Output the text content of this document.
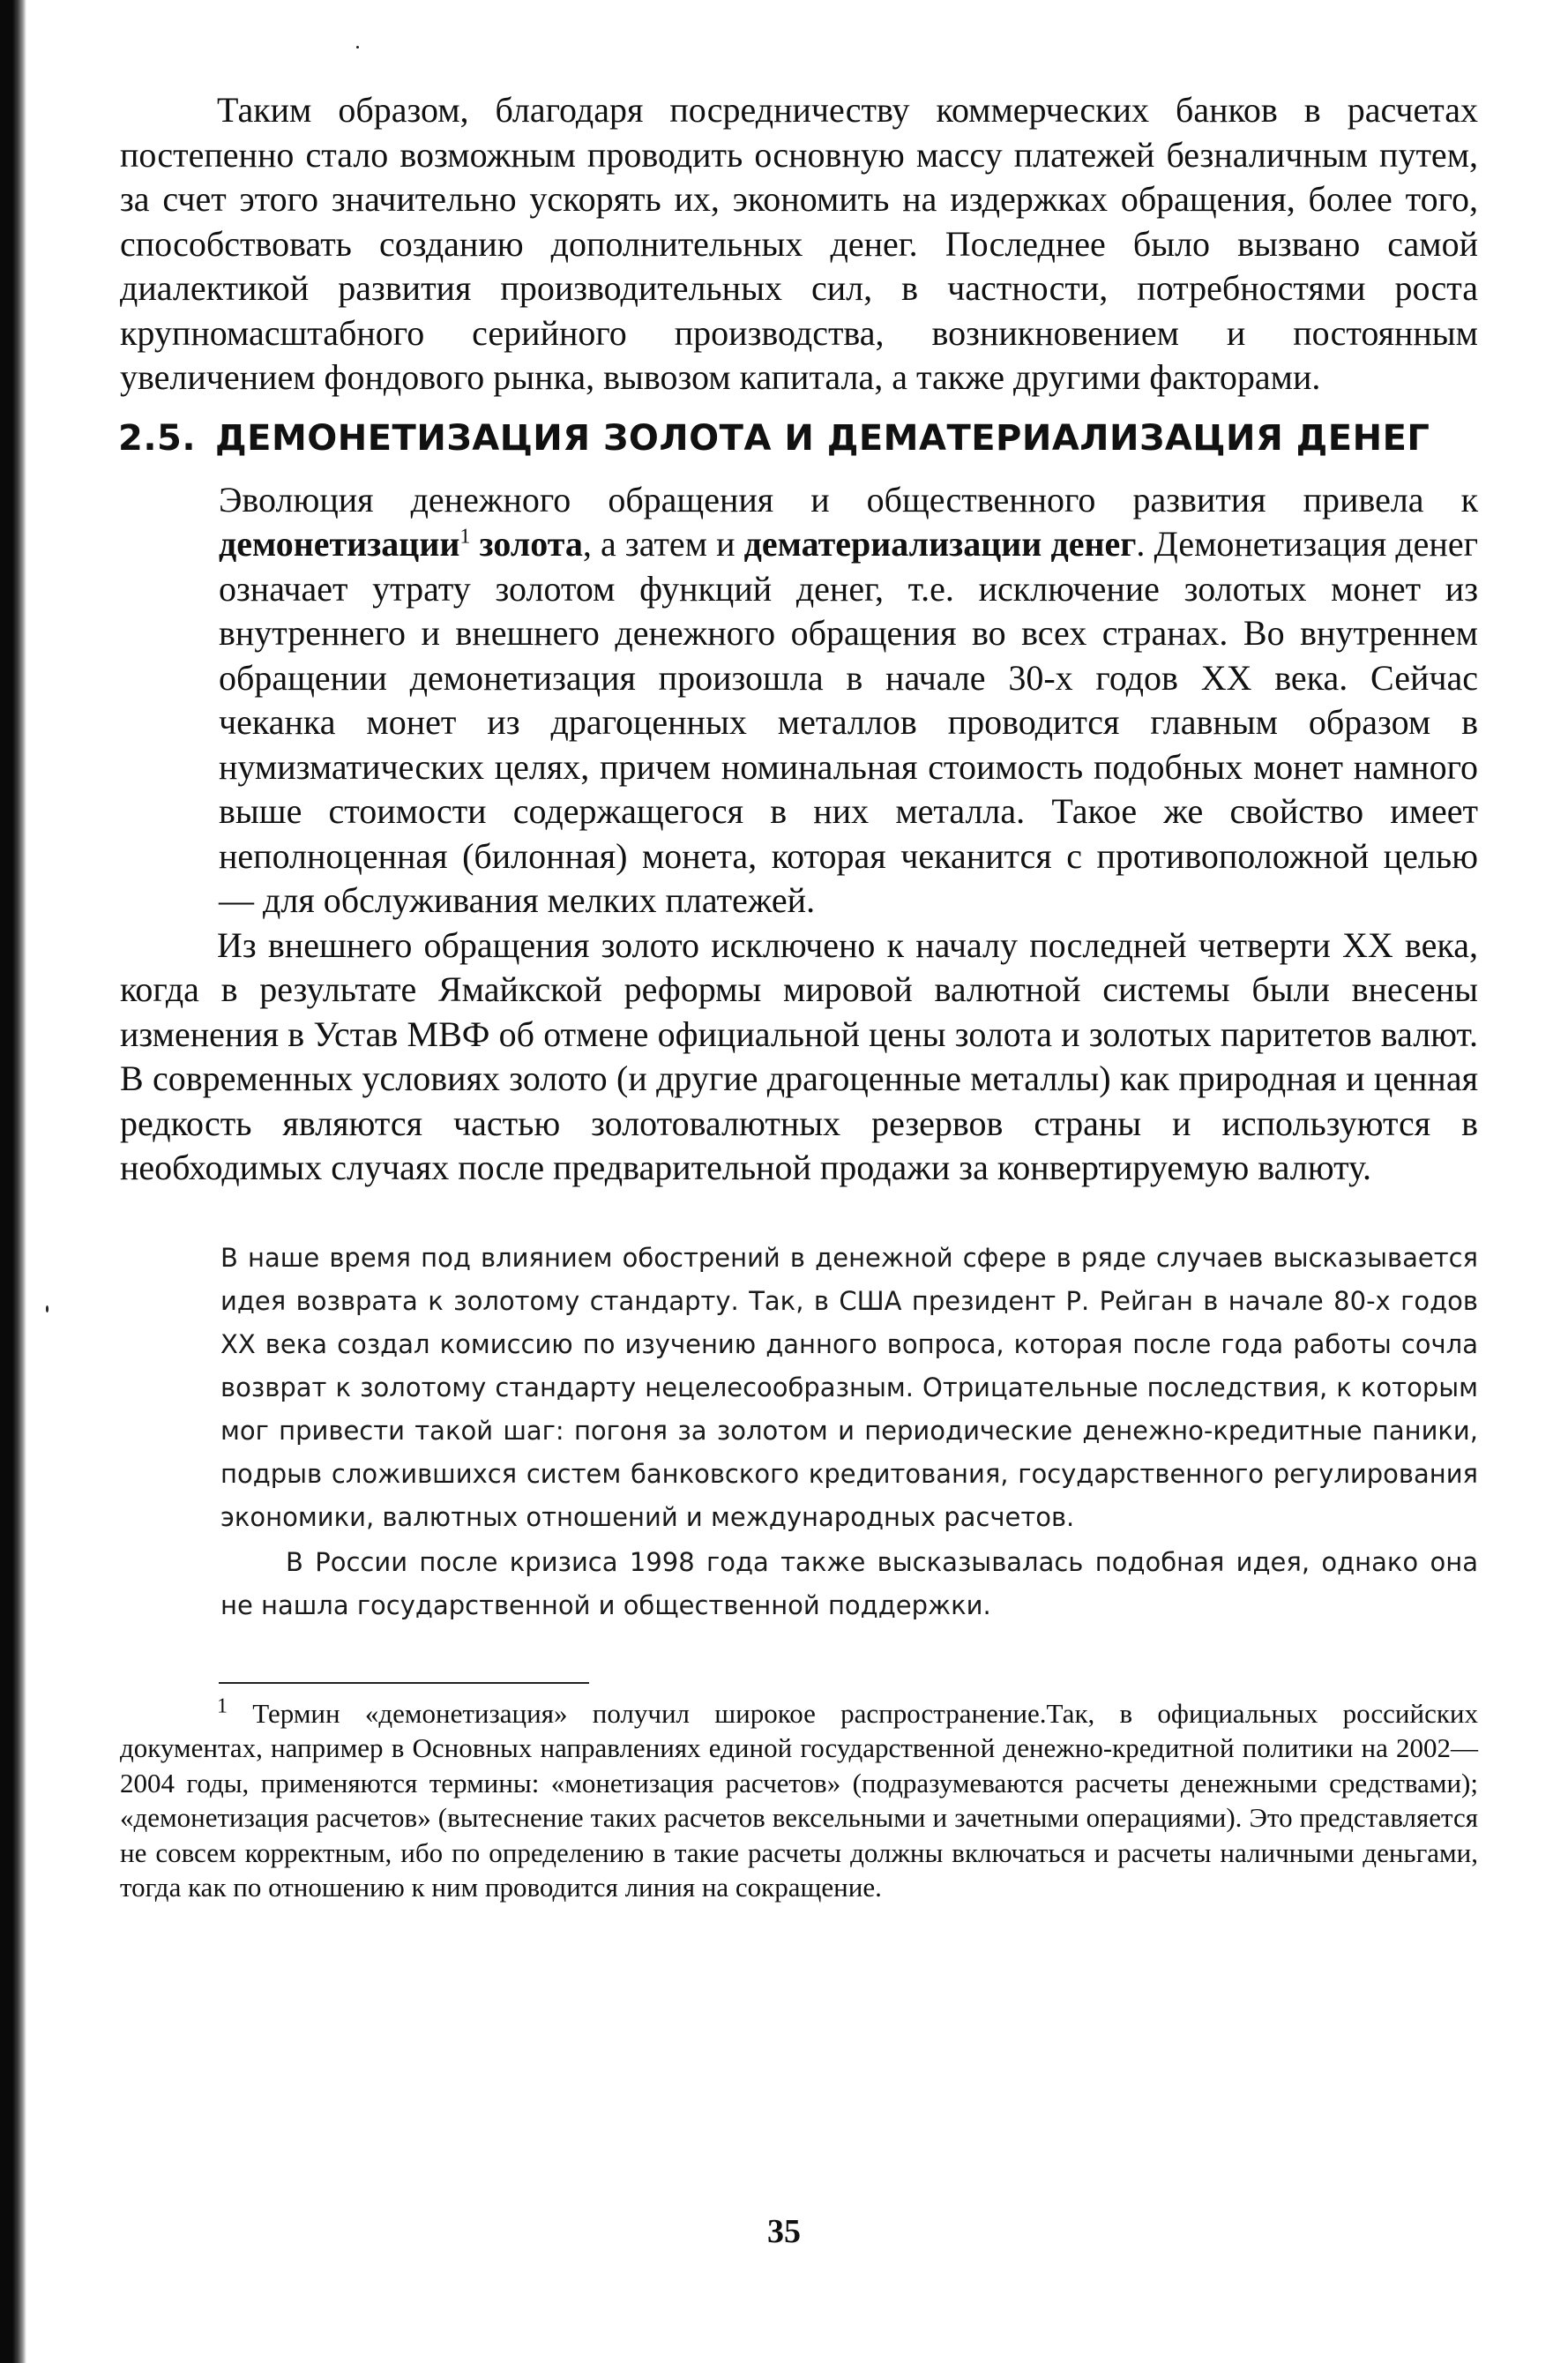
Таким образом, благодаря посредничеству коммерческих банков в расчетах постепенно стало возможным проводить основную массу платежей безналичным путем, за счет этого значительно ускорять их, экономить на издержках обращения, более того, способствовать созданию дополнительных денег. Последнее было вызвано самой диалектикой развития производительных сил, в частности, потребностями роста крупномасштабного серийного производства, возникновением и постоянным увеличением фондового рынка, вывозом капитала, а также другими факторами.

2.5. ДЕМОНЕТИЗАЦИЯ ЗОЛОТА И ДЕМАТЕРИАЛИЗАЦИЯ ДЕНЕГ

Эволюция денежного обращения и общественного развития привела к демонетизации$^1$ золота, а затем и дематериализации денег. Демонетизация денег означает утрату золотом функций денег, т.е. исключение золотых монет из внутреннего и внешнего денежного обращения во всех странах. Во внутреннем обращении демонетизация произошла в начале 30-х годов XX века. Сейчас чеканка монет из драгоценных металлов проводится главным образом в нумизматических целях, причем номинальная стоимость подобных монет намного выше стоимости содержащегося в них металла. Такое же свойство имеет неполноценная (билонная) монета, которая чеканится с противоположной целью — для обслуживания мелких платежей.

Из внешнего обращения золото исключено к началу последней четверти XX века, когда в результате Ямайкской реформы мировой валютной системы были внесены изменения в Устав МВФ об отмене официальной цены золота и золотых паритетов валют. В современных условиях золото (и другие драгоценные металлы) как природная и ценная редкость являются частью золотовалютных резервов страны и используются в необходимых случаях после предварительной продажи за конвертируемую валюту.

В наше время под влиянием обострений в денежной сфере в ряде случаев высказывается идея возврата к золотому стандарту. Так, в США президент Р. Рейган в начале 80-х годов XX века создал комиссию по изучению данного вопроса, которая после года работы сочла возврат к золотому стандарту нецелесообразным. Отрицательные последствия, к которым мог привести такой шаг: погоня за золотом и периодические денежно-кредитные паники, подрыв сложившихся систем банковского кредитования, государственного регулирования экономики, валютных отношений и международных расчетов.

В России после кризиса 1998 года также высказывалась подобная идея, однако она не нашла государственной и общественной поддержки.

$^1$ Термин «демонетизация» получил широкое распространение.Так, в официальных российских документах, например в Основных направлениях единой государственной денежно-кредитной политики на 2002—2004 годы, применяются термины: «монетизация расчетов» (подразумеваются расчеты денежными средствами); «демонетизация расчетов» (вытеснение таких расчетов вексельными и зачетными операциями). Это представляется не совсем корректным, ибо по определению в такие расчеты должны включаться и расчеты наличными деньгами, тогда как по отношению к ним проводится линия на сокращение.

35
